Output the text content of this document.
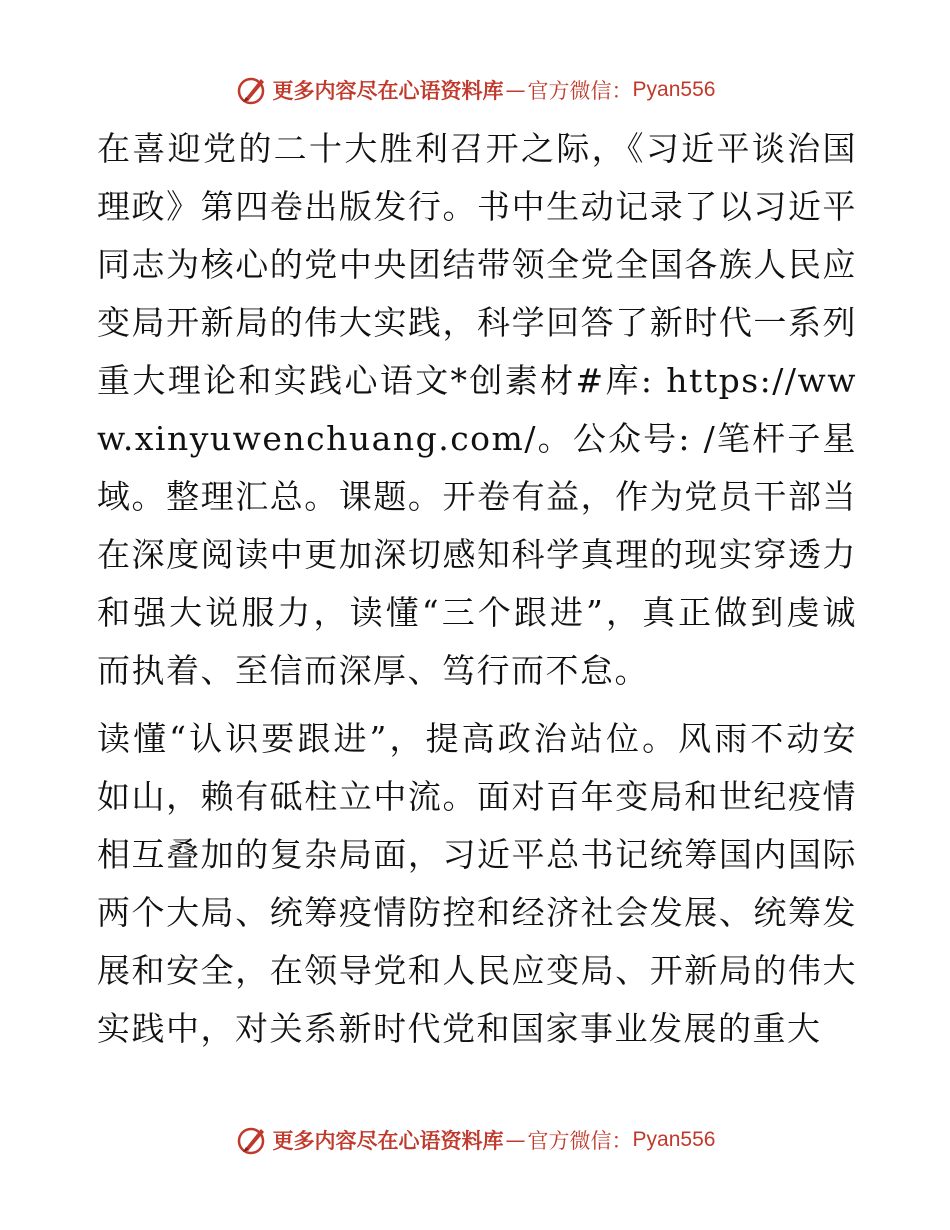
更多内容尽在心语资料库 — 官方微信： Pyan556

在喜迎党的二十大胜利召开之际，《习近平谈治国理政》第四卷出版发行。书中生动记录了以习近平同志为核心的党中央团结带领全党全国各族人民应变局开新局的伟大实践，科学回答了新时代一系列重大理论和实践心语文*创素材#库: https://www.xinyuwenchuang.com/。公众号: /笔杆子星域。整理汇总。课题。开卷有益，作为党员干部当在深度阅读中更加深切感知科学真理的现实穿透力和强大说服力，读懂“三个跟进”，真正做到虔诚而执着、至信而深厚、笃行而不怠。

读懂“认识要跟进”，提高政治站位。风雨不动安如山，赖有砥柱立中流。面对百年变局和世纪疫情相互叠加的复杂局面，习近平总书记统筹国内国际两个大局、统筹疫情防控和经济社会发展、统筹发展和安全，在领导党和人民应变局、开新局的伟大实践中，对关系新时代党和国家事业发展的重大

更多内容尽在心语资料库 — 官方微信： Pyan556
